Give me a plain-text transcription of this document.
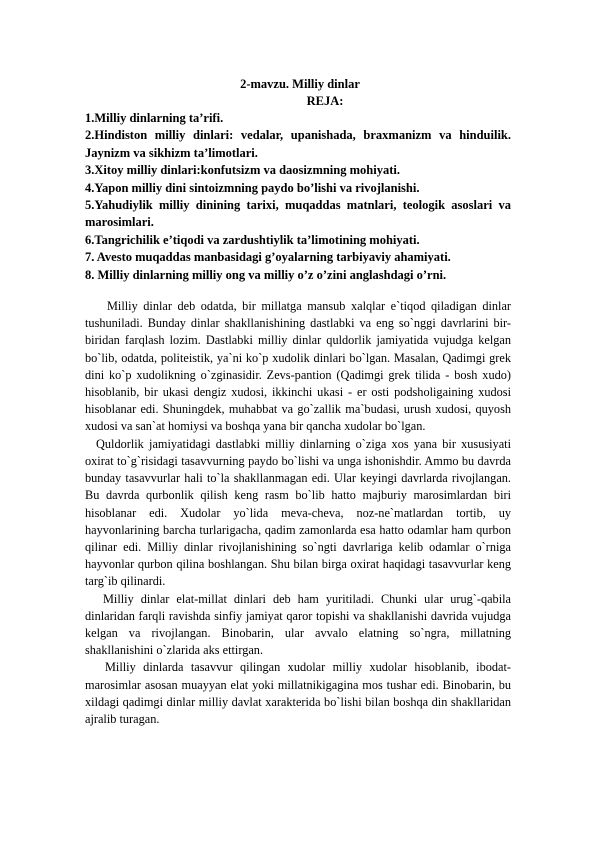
2-mavzu. Milliy dinlar

REJA:

1.Milliy dinlarning ta’rifi.
2.Hindiston milliy dinlari: vedalar, upanishada, braxmanizm va hinduilik. Jaynizm va sikhizm ta’limotlari.
3.Xitoy milliy dinlari:konfutsizm va daosizmning mohiyati.
4.Yapon milliy dini sintoizmning paydo bo’lishi va rivojlanishi.
5.Yahudiylik milliy dinining tarixi, muqaddas matnlari, teologik asoslari va marosimlari.
6.Tangrichilik e’tiqodi va zardushtiylik ta’limotining mohiyati.
7. Avesto muqaddas manbasidagi g’oyalarning tarbiyaviy ahamiyati.
8. Milliy dinlarning milliy ong va milliy o’z o’zini anglashdagi o’rni.

Milliy dinlar deb odatda, bir millatga mansub xalqlar e`tiqod qiladigan dinlar tushuniladi. Bunday dinlar shakllanishining dastlabki va eng so`nggi davrlarini bir-biridan farqlash lozim. Dastlabki milliy dinlar quldorlik jamiyatida vujudga kelgan bo`lib, odatda, politeistik, ya`ni ko`p xudolik dinlari bo`lgan. Masalan, Qadimgi grek dini ko`p xudolikning o`zginasidir. Zevs-pantion (Qadimgi grek tilida - bosh xudo) hisoblanib, bir ukasi dengiz xudosi, ikkinchi ukasi - er osti podsholigaining xudosi hisoblanar edi. Shuningdek, muhabbat va go`zallik ma`budasi, urush xudosi, quyosh xudosi va san`at homiysi va boshqa yana bir qancha xudolar bo`lgan.

Quldorlik jamiyatidagi dastlabki milliy dinlarning o`ziga xos yana bir xususiyati oxirat to`g`risidagi tasavvurning paydo bo`lishi va unga ishonishdir. Ammo bu davrda bunday tasavvurlar hali to`la shakllanmagan edi. Ular keyingi davrlarda rivojlangan. Bu davrda qurbonlik qilish keng rasm bo`lib hatto majburiy marosimlardan biri hisoblanar edi. Xudolar yo`lida meva-cheva, noz-ne`matlardan tortib, uy hayvonlarining barcha turlarigacha, qadim zamonlarda esa hatto odamlar ham qurbon qilinar edi. Milliy dinlar rivojlanishining so`ngti davrlariga kelib odamlar o`rniga hayvonlar qurbon qilina boshlangan. Shu bilan birga oxirat haqidagi tasavvurlar keng targ`ib qilinardi.

Milliy dinlar elat-millat dinlari deb ham yuritiladi. Chunki ular urug`-qabila dinlaridan farqli ravishda sinfiy jamiyat qaror topishi va shakllanishi davrida vujudga kelgan va rivojlangan. Binobarin, ular avvalo elatning so`ngra, millatning shakllanishini o`zlarida aks ettirgan.

Milliy dinlarda tasavvur qilingan xudolar milliy xudolar hisoblanib, ibodat-marosimlar asosan muayyan elat yoki millatnikigagina mos tushar edi. Binobarin, bu xildagi qadimgi dinlar milliy davlat xarakterida bo`lishi bilan boshqa din shakllaridan ajralib turagan.
